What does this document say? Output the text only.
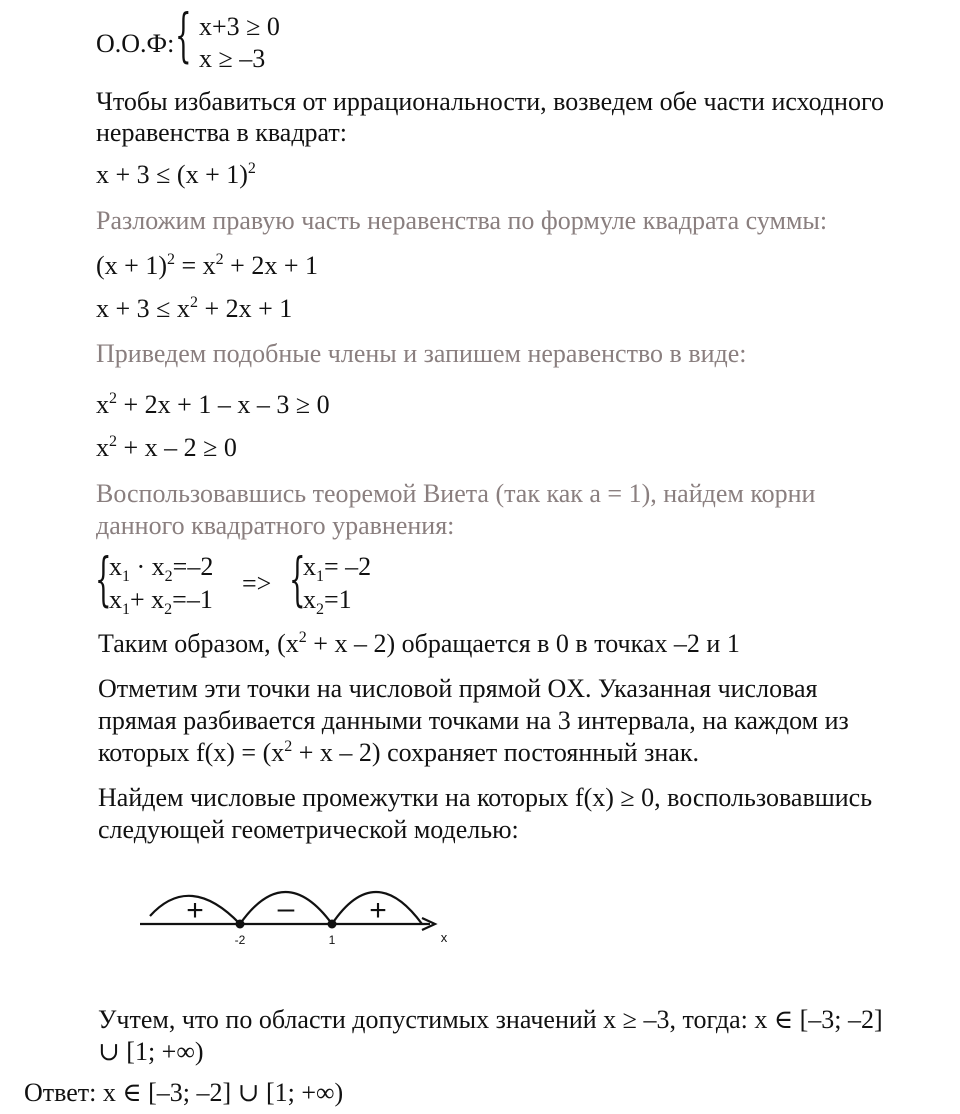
О.О.Ф: { x+3 ≥ 0
x ≥ –3
Чтобы избавиться от иррациональности, возведем обе части исходного
неравенства в квадрат:
$x + 3 \le (x + 1)^2$
Разложим правую часть неравенства по формуле квадрата суммы:
$(x + 1)^2 = x^2 + 2x + 1$
$x + 3 \le x^2 + 2x + 1$
Приведем подобные члены и запишем неравенство в виде:
$x^2 + 2x + 1 - x - 3 \ge 0$
$x^2 + x - 2 \ge 0$
Воспользовавшись теоремой Виета (так как а = 1), найдем корни
данного квадратного уравнения:
{
$x_1 \cdot x_2=-2$
$x_1+ x_2=-1$
=> {
$x_1= -2$
$x_2=1$
Таким образом, $(x^2 + x - 2)$ обращается в 0 в точках –2 и 1
Отметим эти точки на числовой прямой OX. Указанная числовая
прямая разбивается данными точками на 3 интервала, на каждом из
которых $f(x) = (x^2 + x - 2)$ сохраняет постоянный знак.
Найдем числовые промежутки на которых f(x) ≥ 0, воспользовавшись
следующей геометрической моделью:
+ – +
-2	1	x
Учтем, что по области допустимых значений x ≥ –3, тогда: x ∈ [–3; –2]
∪ [1; +∞)
Ответ: x ∈ [–3; –2] ∪ [1; +∞)
